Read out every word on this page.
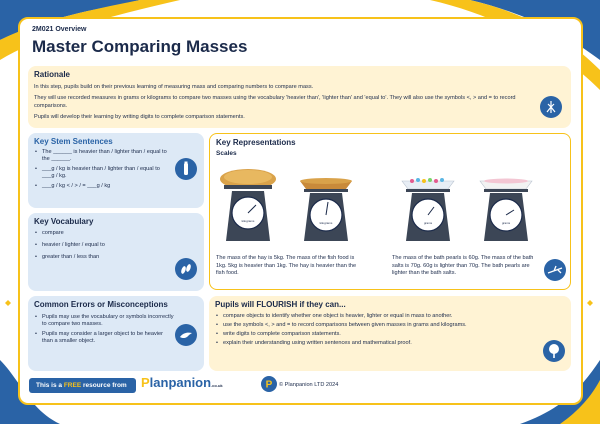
2M021 Overview
Master Comparing Masses
Rationale

In this step, pupils build on their previous learning of measuring mass and comparing numbers to compare mass.

They will use recorded measures in grams or kilograms to compare two masses using the vocabulary 'heavier than', 'lighter than' and 'equal to'. They will also use the symbols <, > and = to record comparisons.

Pupils will develop their learning by writing digits to complete comparison statements.

Key Stem Sentences
• The ______ is heavier than / lighter than / equal to the ______.
• ___g / kg is heavier than / lighter than / equal to ___g / kg.
• ___g / kg < / > / = ___g / kg
Key Vocabulary
• compare
• heavier / lighter / equal to
• greater than / less than
Common Errors or Misconceptions
• Pupils may use the vocabulary or symbols incorrectly to compare two masses.
• Pupils may consider a larger object to be heavier than a smaller object.
Key Representations
Scales
kilograms	kilograms	grams	grams
The mass of the hay is 5kg. The mass of the fish food is 1kg. 5kg is heavier than 1kg. The hay is heavier than the fish food.
The mass of the bath pearls is 60g. The mass of the bath salts is 70g. 60g is lighter than 70g. The bath pearls are lighter than the bath salts.
Pupils will FLOURISH if they can...
• compare objects to identify whether one object is heavier, lighter or equal in mass to another.
• use the symbols <, > and = to record comparisons between given masses in grams and kilograms.
• write digits to complete comparison statements.
• explain their understanding using written sentences and mathematical proof.
This is a FREE resource from	Planpanion.co.uk	P © Planpanion LTD 2024
